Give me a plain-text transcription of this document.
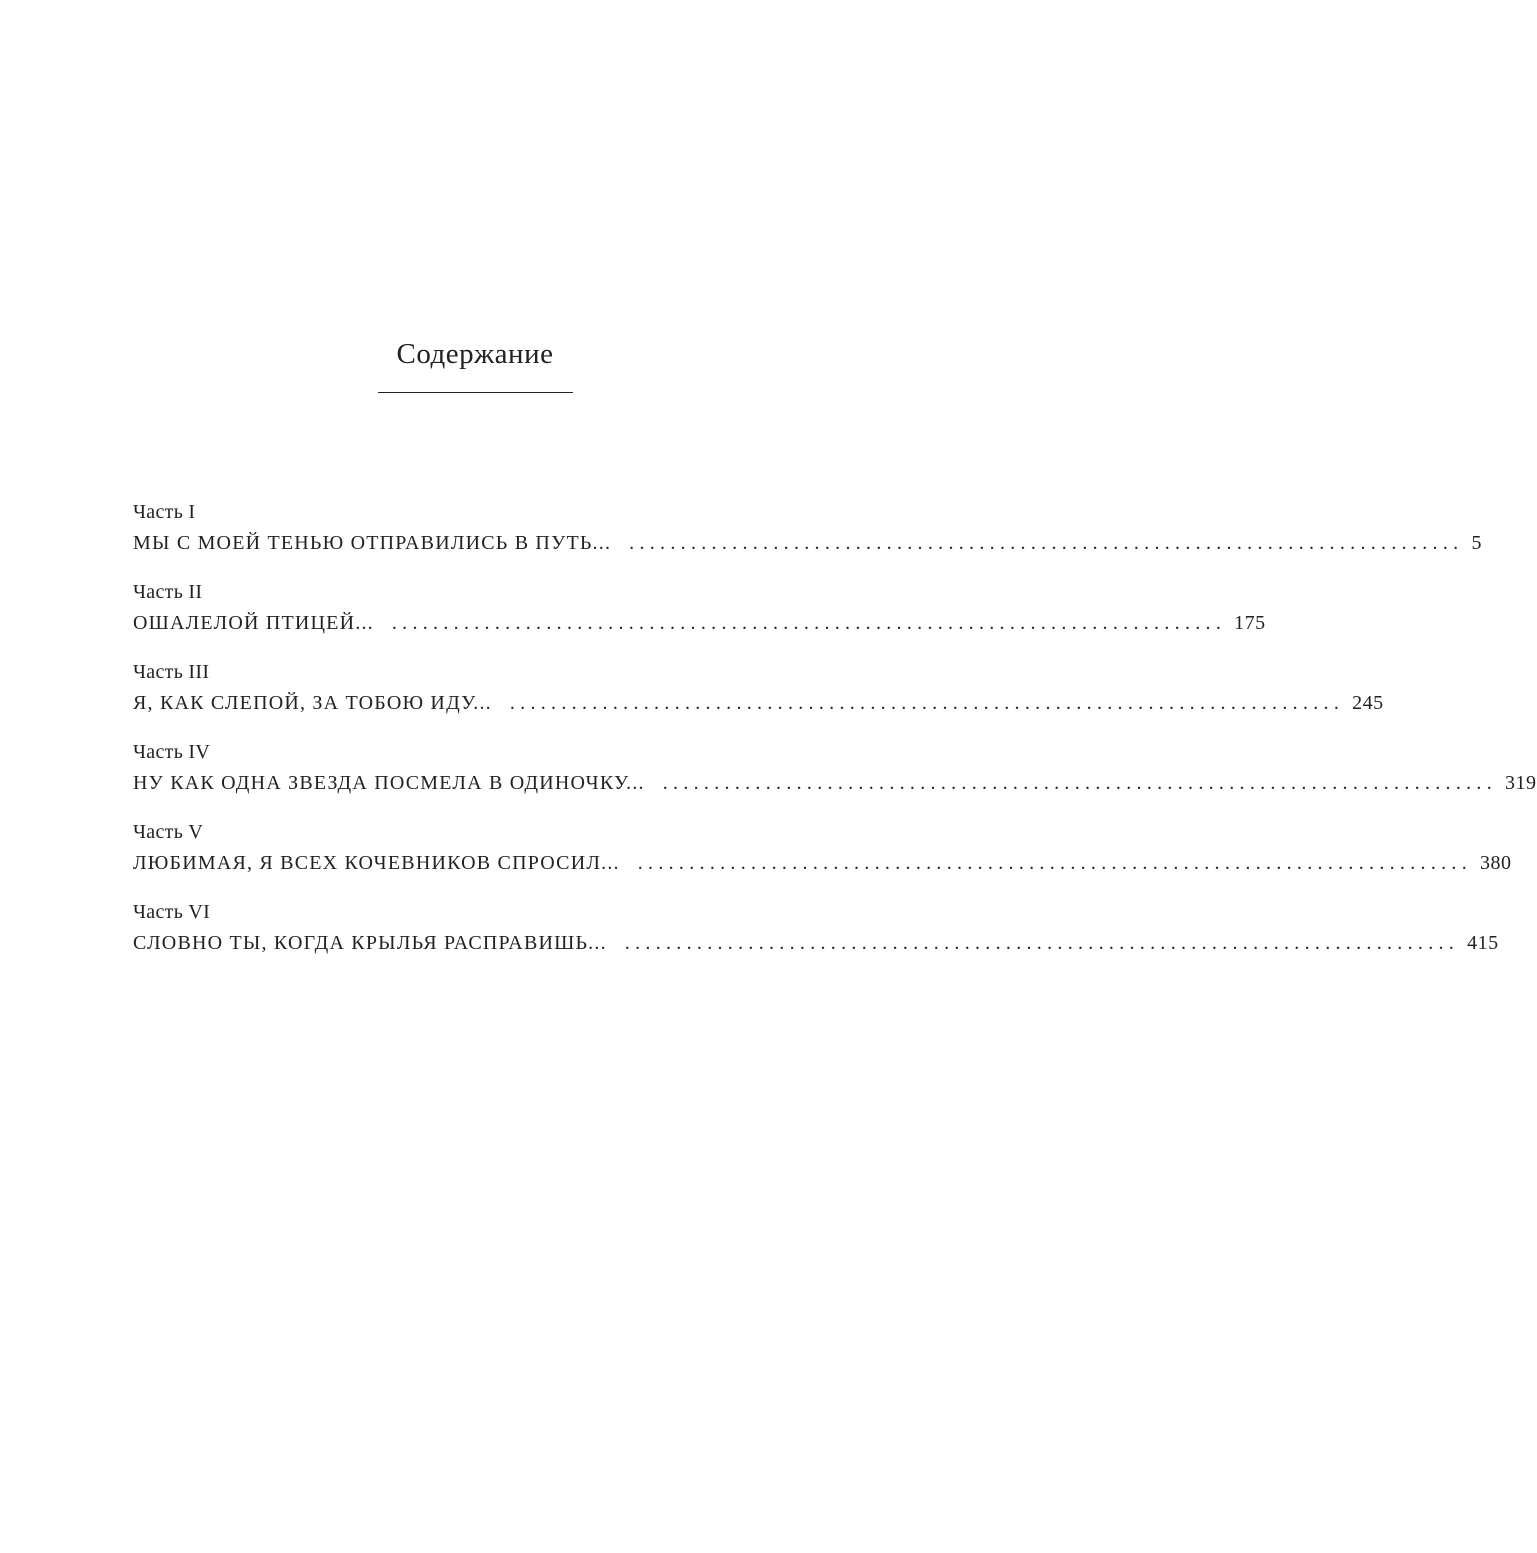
Содержание
Часть I
МЫ С МОЕЙ ТЕНЬЮ ОТПРАВИЛИСЬ В ПУТЬ... ................................................................................. 5
Часть II
ОШАЛЕЛОЙ ПТИЦЕЙ... ................................................................................. 175
Часть III
Я, КАК СЛЕПОЙ, ЗА ТОБОЮ ИДУ... ................................................................................. 245
Часть IV
НУ КАК ОДНА ЗВЕЗДА ПОСМЕЛА В ОДИНОЧКУ... ................................................................................. 319
Часть V
ЛЮБИМАЯ, Я ВСЕХ КОЧЕВНИКОВ СПРОСИЛ... ................................................................................. 380
Часть VI
СЛОВНО ТЫ, КОГДА КРЫЛЬЯ РАСПРАВИШЬ... ................................................................................. 415
